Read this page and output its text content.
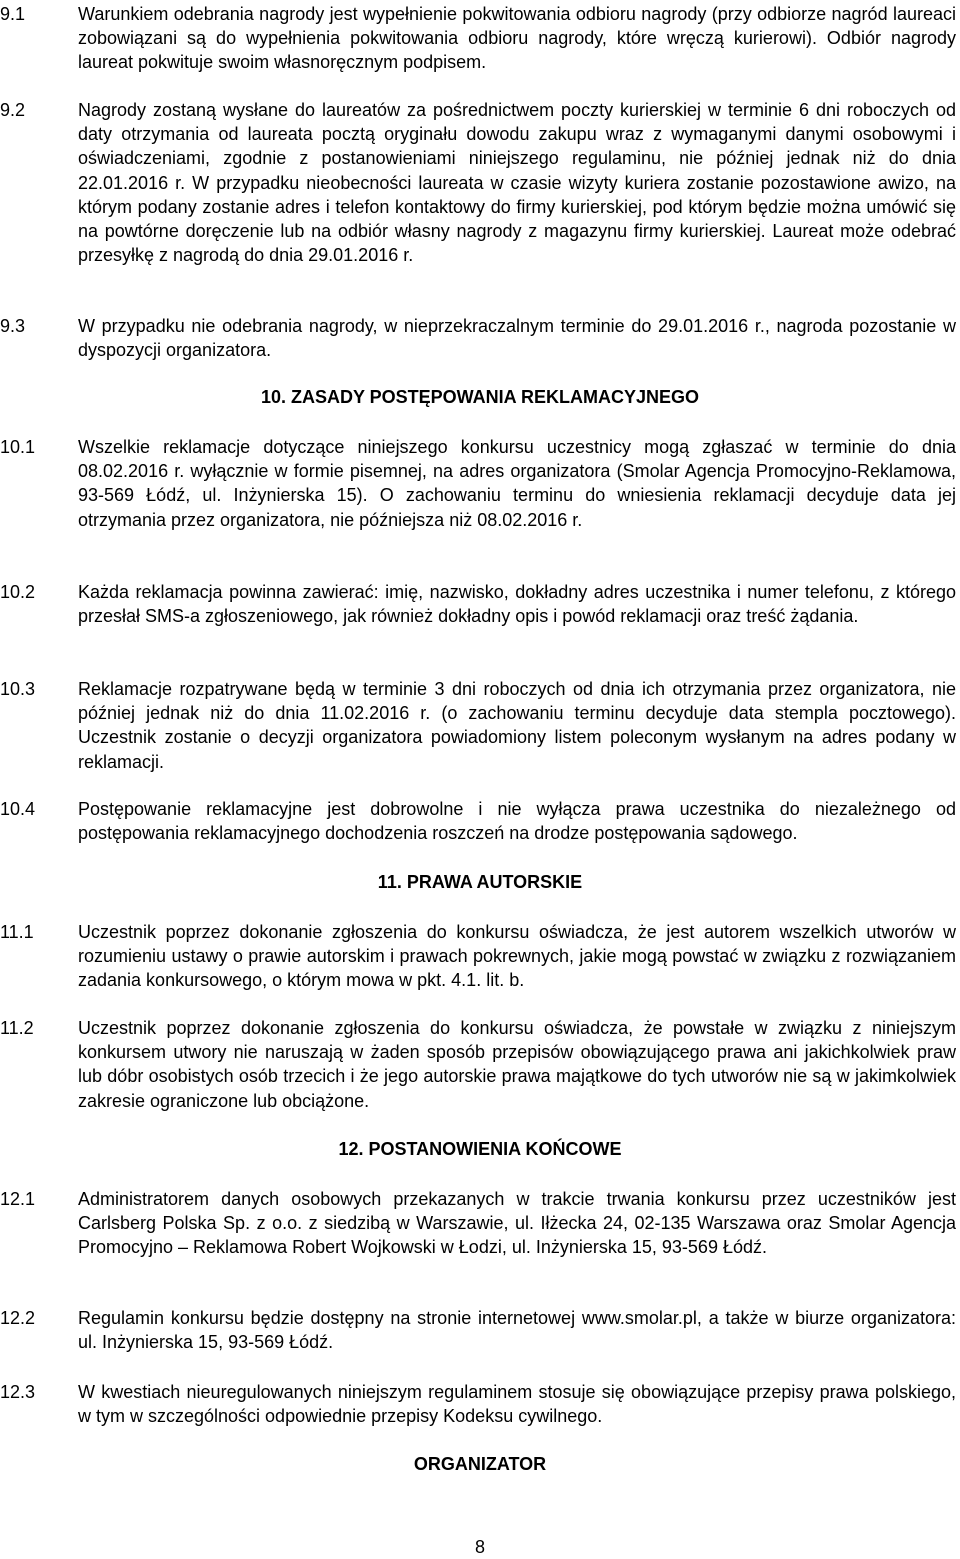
9.1	Warunkiem odebrania nagrody jest wypełnienie pokwitowania odbioru nagrody (przy odbiorze nagród laureaci zobowiązani są do wypełnienia pokwitowania odbioru nagrody, które wręczą kurierowi). Odbiór nagrody laureat pokwituje swoim własnoręcznym podpisem.
9.2	Nagrody zostaną wysłane do laureatów za pośrednictwem poczty kurierskiej w terminie 6 dni roboczych od daty otrzymania od laureata pocztą oryginału dowodu zakupu wraz z wymaganymi danymi osobowymi i oświadczeniami, zgodnie z postanowieniami niniejszego regulaminu, nie później jednak niż do dnia 22.01.2016 r. W przypadku nieobecności laureata w czasie wizyty kuriera zostanie pozostawione awizo, na którym podany zostanie adres i telefon kontaktowy do firmy kurierskiej, pod którym będzie można umówić się na powtórne doręczenie lub na odbiór własny nagrody z magazynu firmy kurierskiej. Laureat może odebrać przesyłkę z nagrodą do dnia 29.01.2016 r.
9.3	W przypadku nie odebrania nagrody, w nieprzekraczalnym terminie do 29.01.2016 r., nagroda pozostanie w dyspozycji organizatora.
10. ZASADY POSTĘPOWANIA REKLAMACYJNEGO
10.1	Wszelkie reklamacje dotyczące niniejszego konkursu uczestnicy mogą zgłaszać w terminie do dnia 08.02.2016 r. wyłącznie w formie pisemnej, na adres organizatora (Smolar Agencja Promocyjno-Reklamowa, 93-569 Łódź, ul. Inżynierska 15). O zachowaniu terminu do wniesienia reklamacji decyduje data jej otrzymania przez organizatora, nie późniejsza niż 08.02.2016 r.
10.2	Każda reklamacja powinna zawierać: imię, nazwisko, dokładny adres uczestnika i numer telefonu, z którego przesłał SMS-a zgłoszeniowego, jak również dokładny opis i powód reklamacji oraz treść żądania.
10.3	Reklamacje rozpatrywane będą w terminie 3 dni roboczych od dnia ich otrzymania przez organizatora, nie później jednak niż do dnia 11.02.2016 r. (o zachowaniu terminu decyduje data stempla pocztowego). Uczestnik zostanie o decyzji organizatora powiadomiony listem poleconym wysłanym na adres podany w reklamacji.
10.4	Postępowanie reklamacyjne jest dobrowolne i nie wyłącza prawa uczestnika do niezależnego od postępowania reklamacyjnego dochodzenia roszczeń na drodze postępowania sądowego.
11. PRAWA AUTORSKIE
11.1	Uczestnik poprzez dokonanie zgłoszenia do konkursu oświadcza, że jest autorem wszelkich utworów w rozumieniu ustawy o prawie autorskim i prawach pokrewnych, jakie mogą powstać w związku z rozwiązaniem zadania konkursowego, o którym mowa w pkt. 4.1. lit. b.
11.2	Uczestnik poprzez dokonanie zgłoszenia do konkursu oświadcza, że powstałe w związku z niniejszym konkursem utwory nie naruszają w żaden sposób przepisów obowiązującego prawa ani jakichkolwiek praw lub dóbr osobistych osób trzecich i że jego autorskie prawa majątkowe do tych utworów nie są w jakimkolwiek zakresie ograniczone lub obciążone.
12. POSTANOWIENIA KOŃCOWE
12.1	Administratorem danych osobowych przekazanych w trakcie trwania konkursu przez uczestników jest Carlsberg Polska Sp. z o.o. z siedzibą w Warszawie, ul. Iłżecka 24, 02-135 Warszawa oraz Smolar Agencja Promocyjno – Reklamowa Robert Wojkowski w Łodzi, ul. Inżynierska 15, 93-569 Łódź.
12.2	Regulamin konkursu będzie dostępny na stronie internetowej www.smolar.pl, a także w biurze organizatora: ul. Inżynierska 15, 93-569 Łódź.
12.3	W kwestiach nieuregulowanych niniejszym regulaminem stosuje się obowiązujące przepisy prawa polskiego, w tym w szczególności odpowiednie przepisy Kodeksu cywilnego.
ORGANIZATOR
8
